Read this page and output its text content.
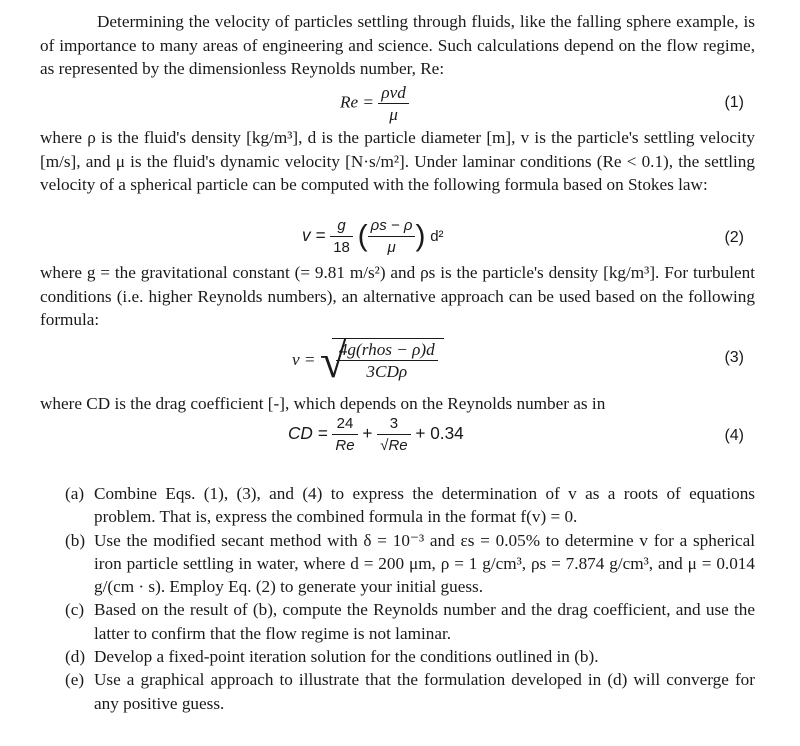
Determining the velocity of particles settling through fluids, like the falling sphere example, is of importance to many areas of engineering and science. Such calculations depend on the flow regime, as represented by the dimensionless Reynolds number, Re:
$Re = \frac{\text{ρvd}}{\mu}$	(1)
where ρ is the fluid's density [kg/m³], d is the particle diameter [m], v is the particle's settling velocity [m/s], and μ is the fluid's dynamic velocity [N·s/m²]. Under laminar conditions (Re < 0.1), the settling velocity of a spherical particle can be computed with the following formula based on Stokes law:
$v = \frac{g}{18}$ ( $\frac{\rho s - \rho}{\mu}$ ) d²	(2)
where g = the gravitational constant (= 9.81 m/s²) and ρs is the particle's density [kg/m³]. For turbulent conditions (i.e. higher Reynolds numbers), an alternative approach can be used based on the following formula:
v = √
$\frac{\text{4g(rhos − ρ)d}}{\text{3CDρ}}$	(3)
where CD is the drag coefficient [-], which depends on the Reynolds number as in
CD = $\frac{24}{Re} + \frac{3}{√Re} + 0.34$	(4)
(a) Combine Eqs. (1), (3), and (4) to express the determination of v as a roots of equations problem. That is, express the combined formula in the format f(v) = 0.
(b) Use the modified secant method with δ = 10⁻³ and εs = 0.05% to determine v for a spherical iron particle settling in water, where d = 200 μm, ρ = 1 g/cm³, ρs = 7.874 g/cm³, and μ = 0.014 g/(cm · s). Employ Eq. (2) to generate your initial guess.
(c) Based on the result of (b), compute the Reynolds number and the drag coefficient, and use the latter to confirm that the flow regime is not laminar.
(d) Develop a fixed-point iteration solution for the conditions outlined in (b).
(e) Use a graphical approach to illustrate that the formulation developed in (d) will converge for any positive guess.
